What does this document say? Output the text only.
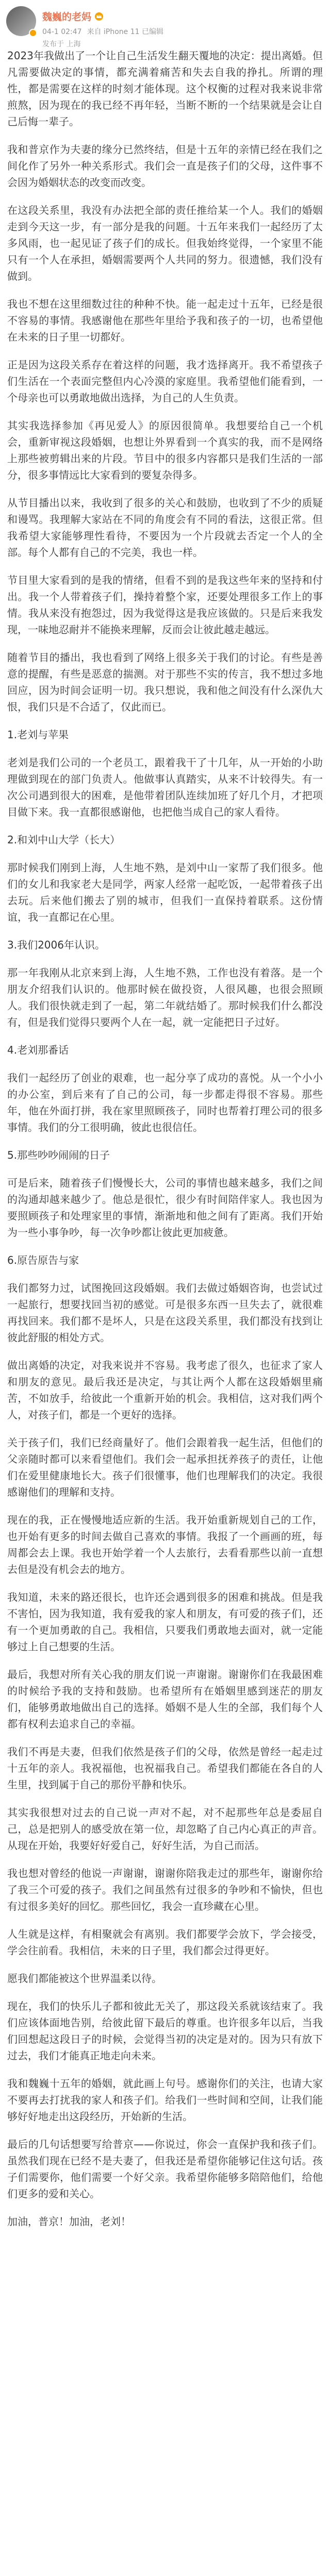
魏巍的老妈
04-1 02:47 来自 iPhone 11 已编辑
发布于 上海

2023年我做出了一个让自己生活发生翻天覆地的决定：提出离婚。但凡需要做决定的事情，都充满着痛苦和失去自我的挣扎。所谓的理性，都是需要在这样的时刻才能体现。这个权衡的过程对我来说非常煎熬，因为现在的我已经不再年轻，当断不断的一个结果就是会让自己后悔一辈子。

我和普京作为夫妻的缘分已然终结，但是十五年的亲情已经在我们之间化作了另外一种关系形式。我们会一直是孩子们的父母，这件事不会因为婚姻状态的改变而改变。

在这段关系里，我没有办法把全部的责任推给某一个人。我们的婚姻走到今天这一步，有一部分是我的问题。十五年来我们一起经历了太多风雨，也一起见证了孩子们的成长。但我始终觉得，一个家里不能只有一个人在承担，婚姻需要两个人共同的努力。很遗憾，我们没有做到。

我也不想在这里细数过往的种种不快。能一起走过十五年，已经是很不容易的事情。我感谢他在那些年里给予我和孩子的一切，也希望他在未来的日子里一切都好。

正是因为这段关系存在着这样的问题，我才选择离开。我不希望孩子们生活在一个表面完整但内心冷漠的家庭里。我希望他们能看到，一个母亲也可以勇敢地做出选择，为自己的人生负责。

其实我选择参加《再见爱人》的原因很简单。我想要给自己一个机会，重新审视这段婚姻，也想让外界看到一个真实的我，而不是网络上那些被剪辑出来的片段。节目中的很多内容都只是我们生活的一部分，很多事情远比大家看到的要复杂得多。

从节目播出以来，我收到了很多的关心和鼓励，也收到了不少的质疑和谩骂。我理解大家站在不同的角度会有不同的看法，这很正常。但我希望大家能够理性看待，不要因为一个片段就去否定一个人的全部。每个人都有自己的不完美，我也一样。

节目里大家看到的是我的情绪，但看不到的是我这些年来的坚持和付出。我一个人带着孩子们，操持着整个家，还要处理很多工作上的事情。我从来没有抱怨过，因为我觉得这是我应该做的。只是后来我发现，一味地忍耐并不能换来理解，反而会让彼此越走越远。

随着节目的播出，我也看到了网络上很多关于我们的讨论。有些是善意的提醒，有些是恶意的揣测。对于那些不实的传言，我不想过多地回应，因为时间会证明一切。我只想说，我和他之间没有什么深仇大恨，我们只是不合适了，仅此而已。

1.老刘与苹果

老刘是我们公司的一个老员工，跟着我干了十几年，从一开始的小助理做到现在的部门负责人。他做事认真踏实，从来不计较得失。有一次公司遇到很大的困难，是他带着团队连续加班了好几个月，才把项目做下来。我一直都很感谢他，也把他当成自己的家人看待。

2.和刘中山大学（长大）

那时候我们刚到上海，人生地不熟，是刘中山一家帮了我们很多。他们的女儿和我家老大是同学，两家人经常一起吃饭，一起带着孩子出去玩。后来他们搬去了别的城市，但我们一直保持着联系。这份情谊，我一直都记在心里。

3.我们2006年认识。

那一年我刚从北京来到上海，人生地不熟，工作也没有着落。是一个朋友介绍我们认识的。他那时候在做投资，人很风趣，也很会照顾人。我们很快就走到了一起，第二年就结婚了。那时候我们什么都没有，但是我们觉得只要两个人在一起，就一定能把日子过好。

4.老刘那番话

我们一起经历了创业的艰难，也一起分享了成功的喜悦。从一个小小的办公室，到后来有了自己的公司，每一步都走得很不容易。那些年，他在外面打拼，我在家里照顾孩子，同时也帮着打理公司的很多事情。我们的分工很明确，彼此也很信任。

5.那些吵吵闹闹的日子

可是后来，随着孩子们慢慢长大，公司的事情也越来越多，我们之间的沟通却越来越少了。他总是很忙，很少有时间陪伴家人。我也因为要照顾孩子和处理家里的事情，渐渐地和他之间有了距离。我们开始为一些小事争吵，每一次争吵都让彼此更加疲惫。

6.原告原告与家

我们都努力过，试图挽回这段婚姻。我们去做过婚姻咨询，也尝试过一起旅行，想要找回当初的感觉。可是很多东西一旦失去了，就很难再找回来。我们都不是坏人，只是在这段关系里，我们都没有找到让彼此舒服的相处方式。

做出离婚的决定，对我来说并不容易。我考虑了很久，也征求了家人和朋友的意见。最后我还是决定，与其让两个人都在这段婚姻里痛苦，不如放手，给彼此一个重新开始的机会。我相信，这对我们两个人，对孩子们，都是一个更好的选择。

关于孩子们，我们已经商量好了。他们会跟着我一起生活，但他们的父亲随时都可以来看望他们。我们会一起承担抚养孩子的责任，让他们在爱里健康地长大。孩子们很懂事，他们也理解我们的决定。我很感谢他们的理解和支持。

现在的我，正在慢慢地适应新的生活。我开始重新规划自己的工作，也开始有更多的时间去做自己喜欢的事情。我报了一个画画的班，每周都会去上课。我也开始学着一个人去旅行，去看看那些以前一直想去但是没有机会去的地方。

我知道，未来的路还很长，也许还会遇到很多的困难和挑战。但是我不害怕，因为我知道，我有爱我的家人和朋友，有可爱的孩子们，还有一个更加勇敢的自己。我相信，只要我们勇敢地去面对，就一定能够过上自己想要的生活。

最后，我想对所有关心我的朋友们说一声谢谢。谢谢你们在我最困难的时候给予我的支持和鼓励。也希望所有在婚姻里感到迷茫的朋友们，能够勇敢地做出自己的选择。婚姻不是人生的全部，我们每个人都有权利去追求自己的幸福。

我们不再是夫妻，但我们依然是孩子们的父母，依然是曾经一起走过十五年的亲人。我祝福他，也祝福我自己。希望我们都能在各自的人生里，找到属于自己的那份平静和快乐。

其实我很想对过去的自己说一声对不起，对不起那些年总是委屈自己，总是把别人的感受放在第一位，却忽略了自己内心真正的声音。从现在开始，我要好好爱自己，好好生活，为自己而活。

我也想对曾经的他说一声谢谢，谢谢你陪我走过的那些年，谢谢你给了我三个可爱的孩子。我们之间虽然有过很多的争吵和不愉快，但也有过很多美好的回忆。那些回忆，我会一直珍藏在心里。

人生就是这样，有相聚就会有离别。我们都要学会放下，学会接受，学会往前看。我相信，未来的日子里，我们都会过得更好。

愿我们都能被这个世界温柔以待。

现在，我们的快乐儿子都和彼此无关了，那这段关系就该结束了。我们应该体面地告别，给彼此留下最后的尊重。也许很多年以后，当我们回想起这段日子的时候，会觉得当初的决定是对的。因为只有放下过去，我们才能真正地走向未来。

我和魏巍十五年的婚姻，就此画上句号。感谢你们的关注，也请大家不要再去打扰我的家人和孩子们。给我们一些时间和空间，让我们能够好好地走出这段经历，开始新的生活。

最后的几句话想要写给普京——你说过，你会一直保护我和孩子们。虽然我们现在已经不是夫妻了，但我还是希望你能够记住这句话。孩子们需要你，他们需要一个好父亲。我希望你能够多陪陪他们，给他们更多的爱和关心。

加油，普京！加油，老刘！
